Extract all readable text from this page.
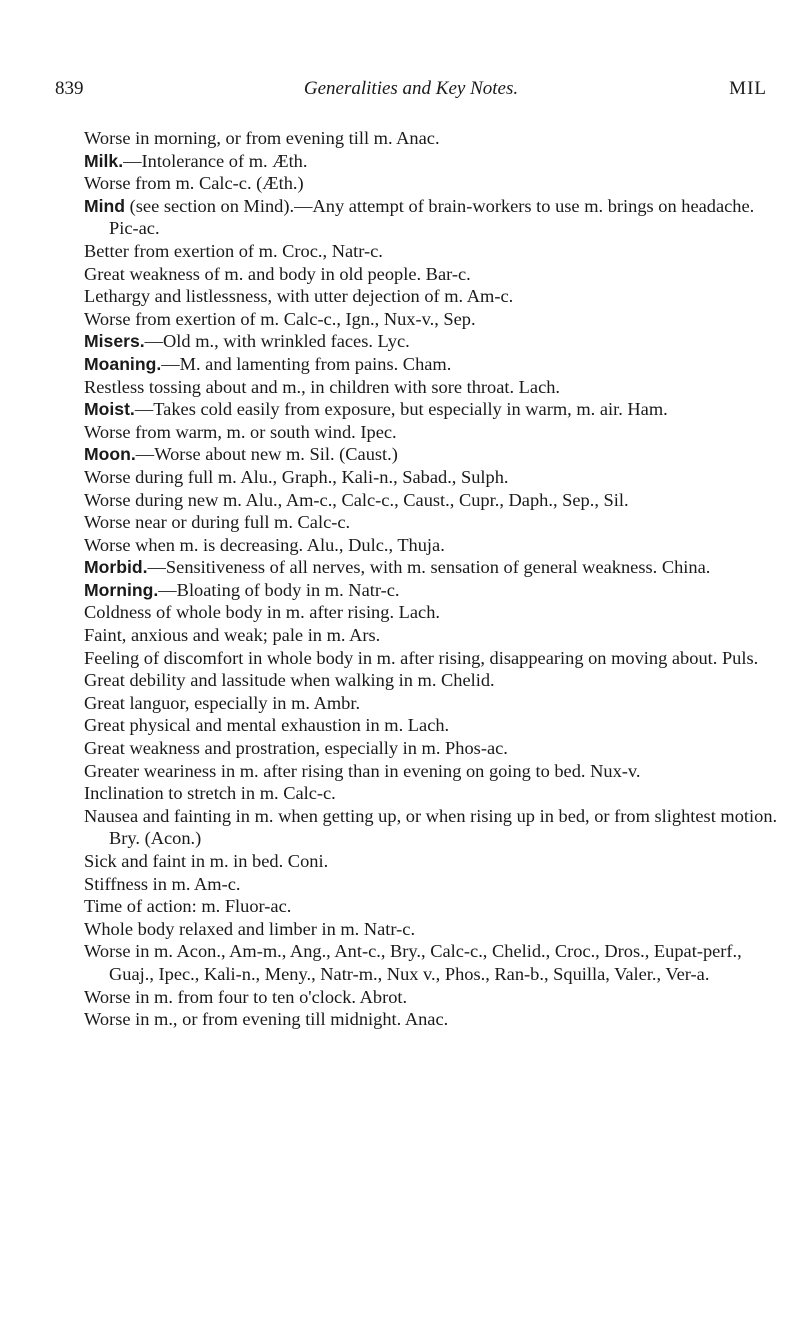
839	Generalities and Key Notes.	MIL

Worse in morning, or from evening till m. Anac.

Milk.—Intolerance of m. Æth.

Worse from m. Calc-c. (Æth.)

Mind (see section on Mind).—Any attempt of brain-workers to use m. brings on headache. Pic-ac.

Better from exertion of m. Croc., Natr-c.

Great weakness of m. and body in old people. Bar-c.

Lethargy and listlessness, with utter dejection of m. Am-c.

Worse from exertion of m. Calc-c., Ign., Nux-v., Sep.

Misers.—Old m., with wrinkled faces. Lyc.

Moaning.—M. and lamenting from pains. Cham.

Restless tossing about and m., in children with sore throat. Lach.

Moist.—Takes cold easily from exposure, but especially in warm, m. air. Ham.

Worse from warm, m. or south wind. Ipec.

Moon.—Worse about new m. Sil. (Caust.)

Worse during full m. Alu., Graph., Kali-n., Sabad., Sulph.

Worse during new m. Alu., Am-c., Calc-c., Caust., Cupr., Daph., Sep., Sil.

Worse near or during full m. Calc-c.

Worse when m. is decreasing. Alu., Dulc., Thuja.

Morbid.—Sensitiveness of all nerves, with m. sensation of general weakness. China.

Morning.—Bloating of body in m. Natr-c.

Coldness of whole body in m. after rising. Lach.

Faint, anxious and weak; pale in m. Ars.

Feeling of discomfort in whole body in m. after rising, disappearing on moving about. Puls.

Great debility and lassitude when walking in m. Chelid.

Great languor, especially in m. Ambr.

Great physical and mental exhaustion in m. Lach.

Great weakness and prostration, especially in m. Phos-ac.

Greater weariness in m. after rising than in evening on going to bed. Nux-v.

Inclination to stretch in m. Calc-c.

Nausea and fainting in m. when getting up, or when rising up in bed, or from slightest motion. Bry. (Acon.)

Sick and faint in m. in bed. Coni.

Stiffness in m. Am-c.

Time of action: m. Fluor-ac.

Whole body relaxed and limber in m. Natr-c.

Worse in m. Acon., Am-m., Ang., Ant-c., Bry., Calc-c., Chelid., Croc., Dros., Eupat-perf., Guaj., Ipec., Kali-n., Meny., Natr-m., Nux v., Phos., Ran-b., Squilla, Valer., Ver-a.

Worse in m. from four to ten o'clock. Abrot.

Worse in m., or from evening till midnight. Anac.
